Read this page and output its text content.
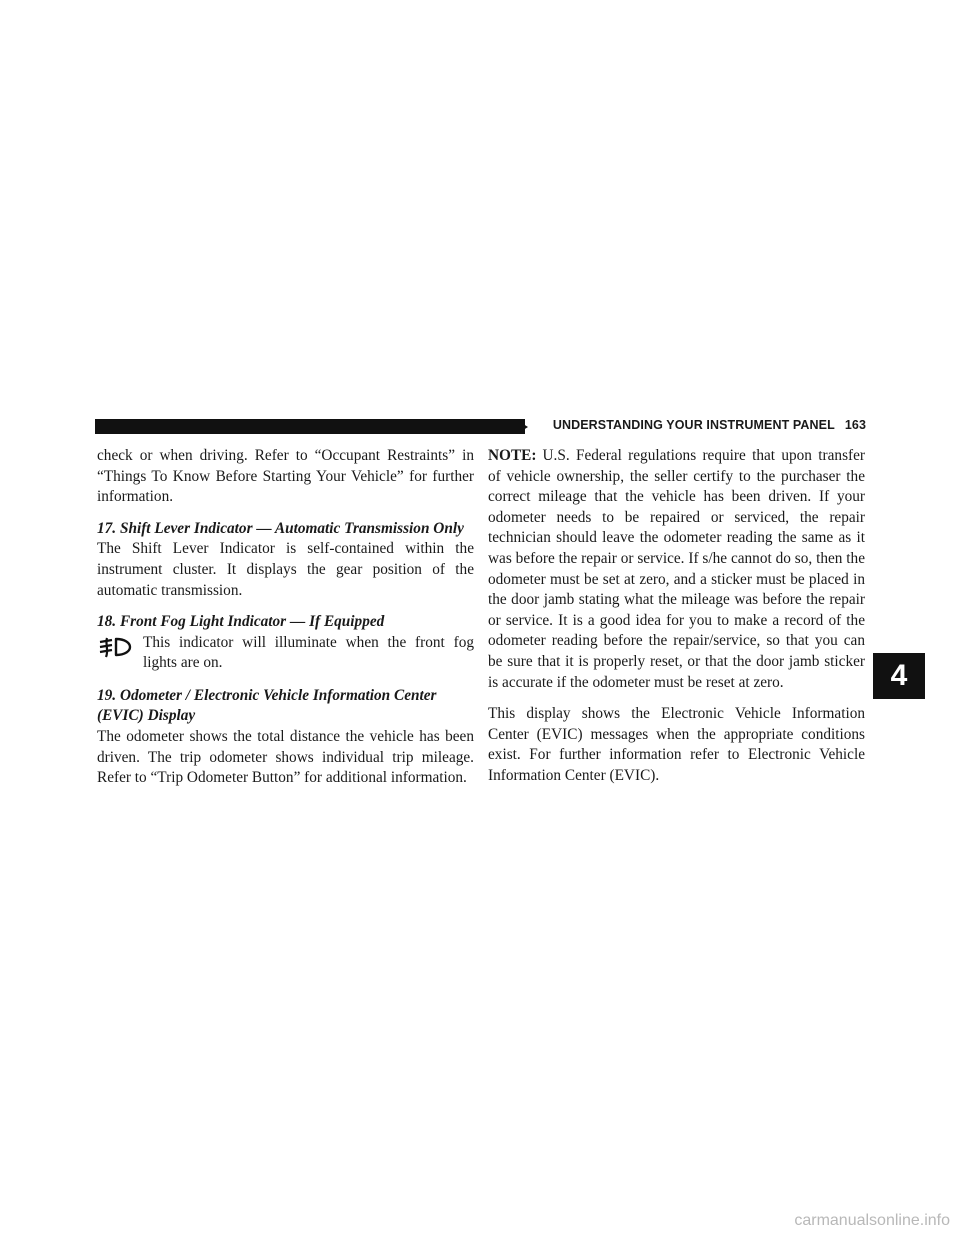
UNDERSTANDING YOUR INSTRUMENT PANEL 163

check or when driving. Refer to “Occupant Restraints” in “Things To Know Before Starting Your Vehicle” for further information.

17. Shift Lever Indicator — Automatic Transmission Only

The Shift Lever Indicator is self-contained within the instrument cluster. It displays the gear position of the automatic transmission.

18. Front Fog Light Indicator — If Equipped
This indicator will illuminate when the front fog lights are on.
19. Odometer / Electronic Vehicle Information Center (EVIC) Display

The odometer shows the total distance the vehicle has been driven. The trip odometer shows individual trip mileage. Refer to “Trip Odometer Button” for additional information.

NOTE: U.S. Federal regulations require that upon transfer of vehicle ownership, the seller certify to the purchaser the correct mileage that the vehicle has been driven. If your odometer needs to be repaired or serviced, the repair technician should leave the odometer reading the same as it was before the repair or service. If s/he cannot do so, then the odometer must be set at zero, and a sticker must be placed in the door jamb stating what the mileage was before the repair or service. It is a good idea for you to make a record of the odometer reading before the repair/service, so that you can be sure that it is properly reset, or that the door jamb sticker is accurate if the odometer must be reset at zero.

This display shows the Electronic Vehicle Information Center (EVIC) messages when the appropriate conditions exist. For further information refer to Electronic Vehicle Information Center (EVIC).

4
carmanualsonline.info
